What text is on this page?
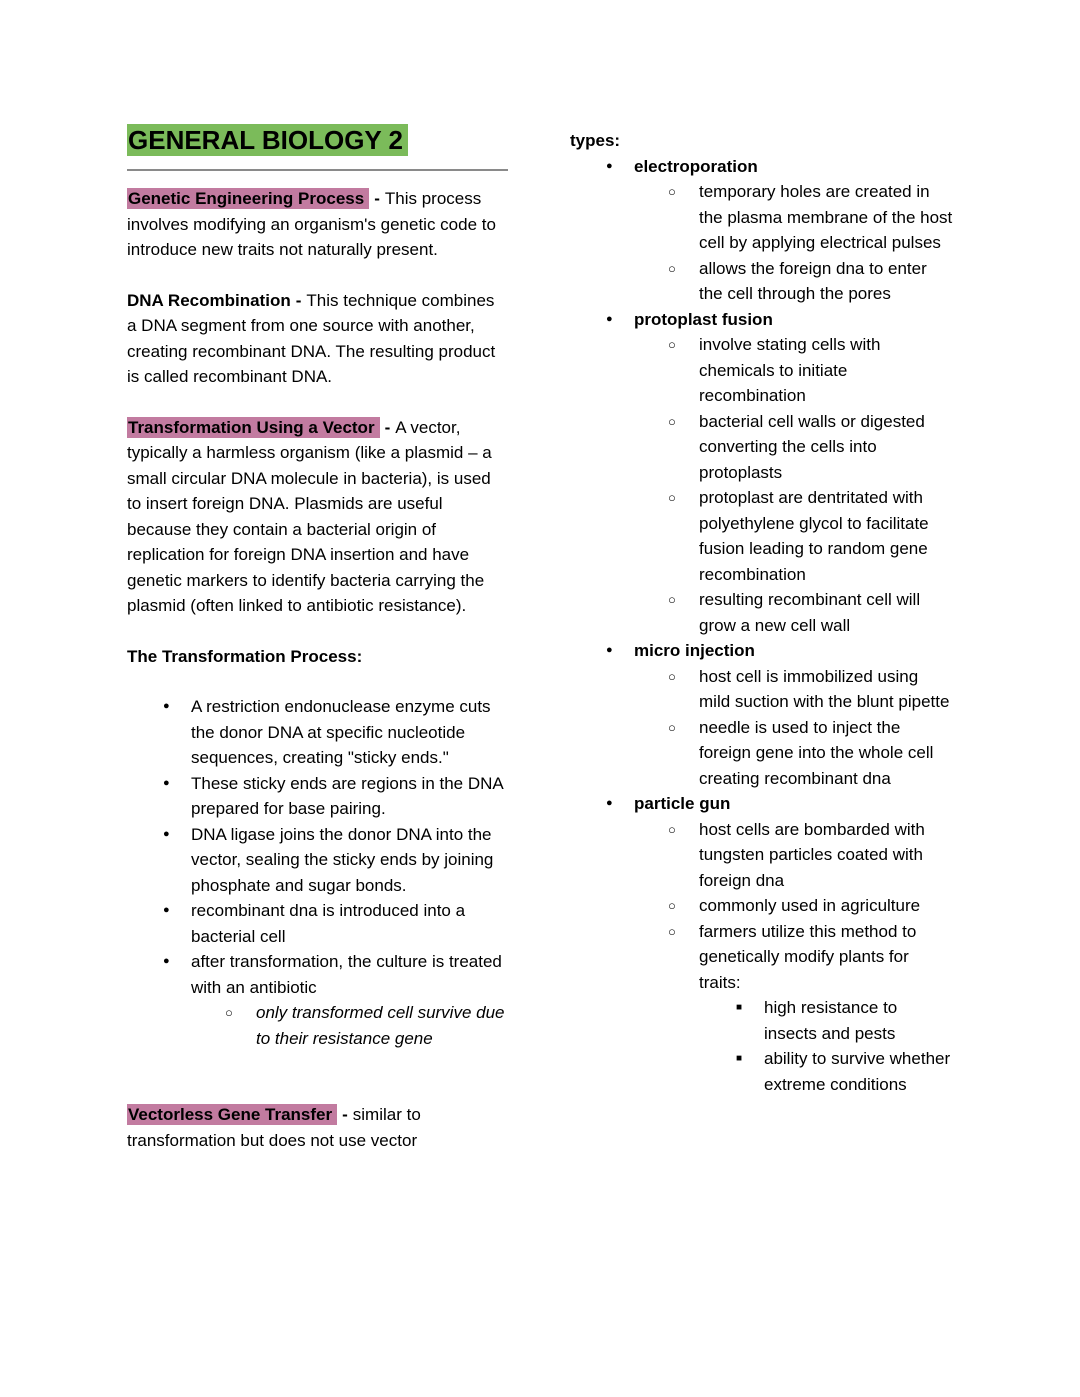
GENERAL BIOLOGY 2

Genetic Engineering Process - This process involves modifying an organism's genetic code to introduce new traits not naturally present.

DNA Recombination - This technique combines a DNA segment from one source with another, creating recombinant DNA. The resulting product is called recombinant DNA.

Transformation Using a Vector - A vector, typically a harmless organism (like a plasmid – a small circular DNA molecule in bacteria), is used to insert foreign DNA. Plasmids are useful because they contain a bacterial origin of replication for foreign DNA insertion and have genetic markers to identify bacteria carrying the plasmid (often linked to antibiotic resistance).

The Transformation Process:

● A restriction endonuclease enzyme cuts the donor DNA at specific nucleotide sequences, creating "sticky ends."
● These sticky ends are regions in the DNA prepared for base pairing.
● DNA ligase joins the donor DNA into the vector, sealing the sticky ends by joining phosphate and sugar bonds.
● recombinant dna is introduced into a bacterial cell
● after transformation, the culture is treated with an antibiotic
○ only transformed cell survive due to their resistance gene

Vectorless Gene Transfer - similar to transformation but does not use vector

types:

● electroporation
○ temporary holes are created in the plasma membrane of the host cell by applying electrical pulses
○ allows the foreign dna to enter the cell through the pores
● protoplast fusion
○ involve stating cells with chemicals to initiate recombination
○ bacterial cell walls or digested converting the cells into protoplasts
○ protoplast are dentritated with polyethylene glycol to facilitate fusion leading to random gene recombination
○ resulting recombinant cell will grow a new cell wall
● micro injection
○ host cell is immobilized using mild suction with the blunt pipette
○ needle is used to inject the foreign gene into the whole cell creating recombinant dna
● particle gun
○ host cells are bombarded with tungsten particles coated with foreign dna
○ commonly used in agriculture
○ farmers utilize this method to genetically modify plants for traits:
■ high resistance to insects and pests
■ ability to survive whether extreme conditions
